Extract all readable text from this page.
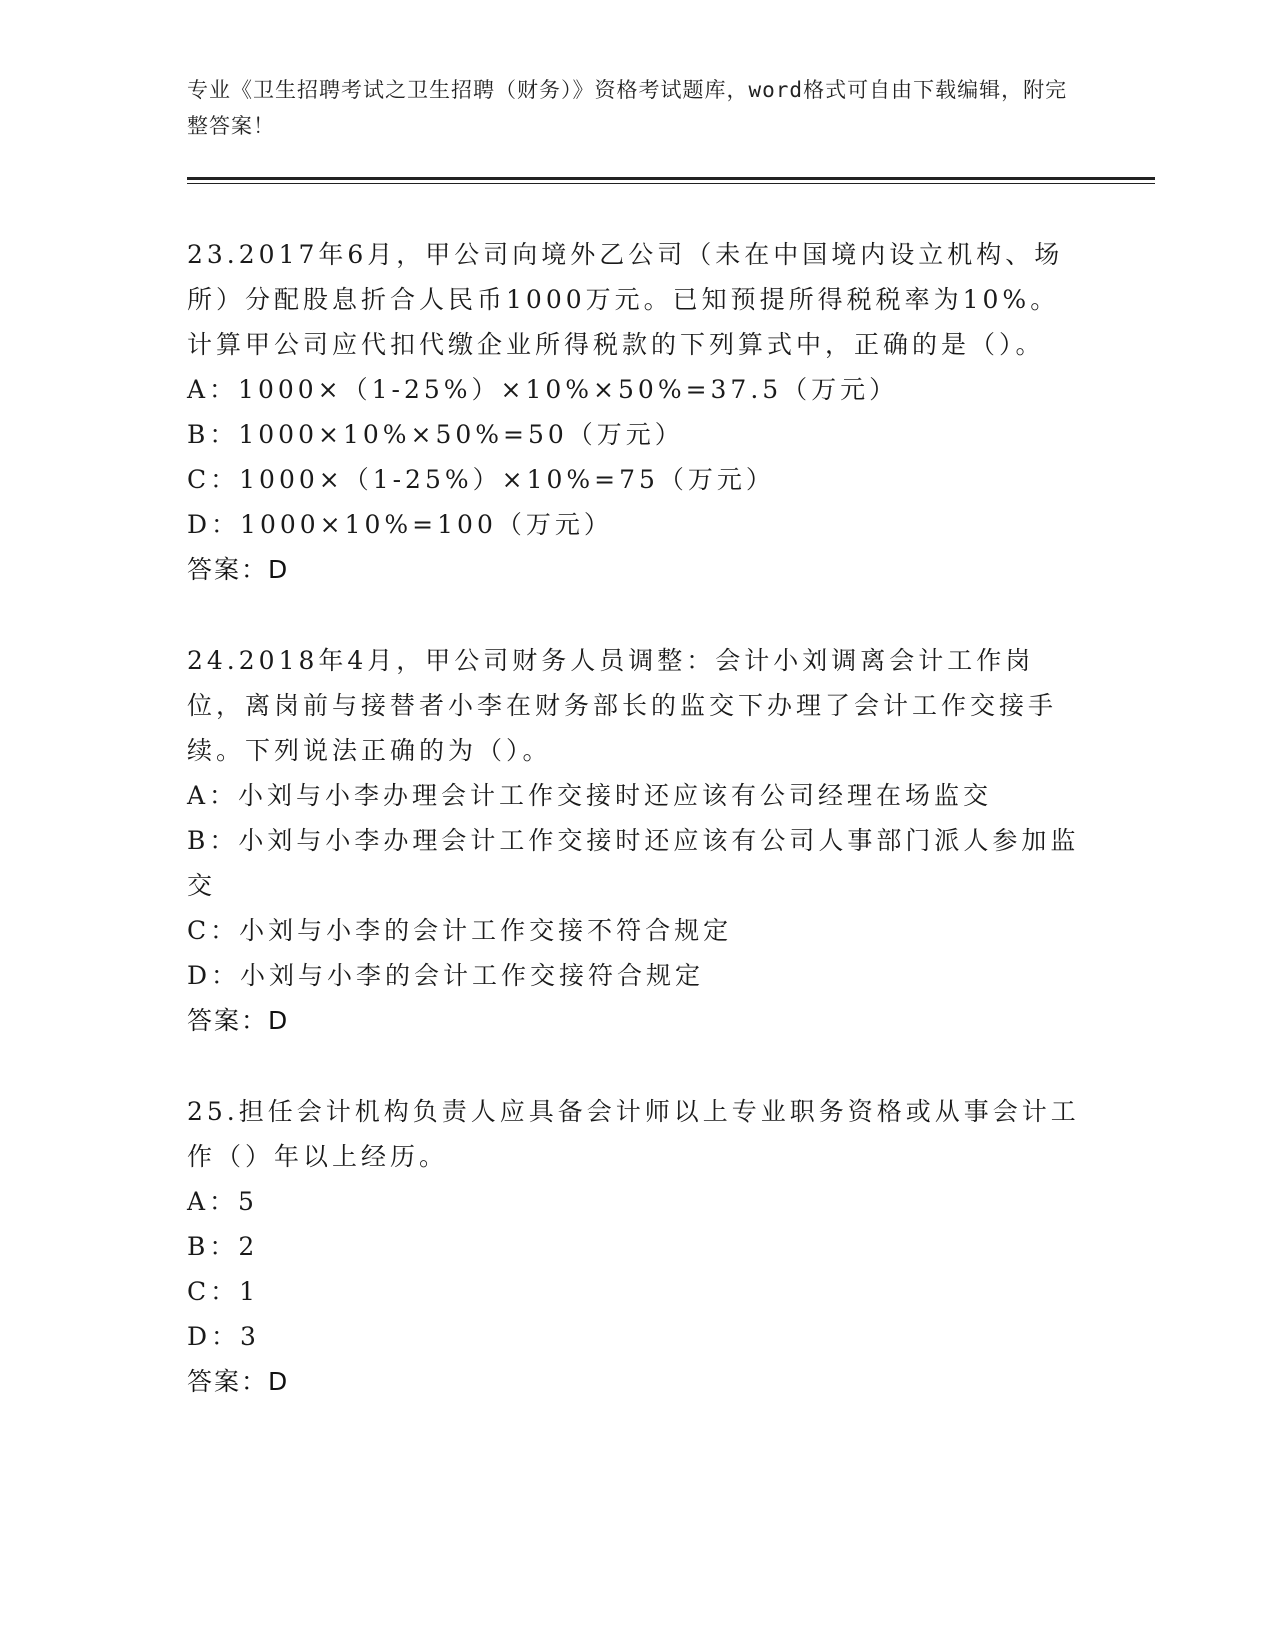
专业《卫生招聘考试之卫生招聘（财务）》资格考试题库，word格式可自由下载编辑，附完整答案！

23.2017年6月，甲公司向境外乙公司（未在中国境内设立机构、场所）分配股息折合人民币1000万元。已知预提所得税税率为10%。计算甲公司应代扣代缴企业所得税款的下列算式中，正确的是（）。

A：1000×（1-25%）×10%×50%=37.5（万元）

B：1000×10%×50%=50（万元）

C：1000×（1-25%）×10%=75（万元）

D：1000×10%=100（万元）

答案：D

24.2018年4月，甲公司财务人员调整：会计小刘调离会计工作岗位，离岗前与接替者小李在财务部长的监交下办理了会计工作交接手续。下列说法正确的为（）。

A：小刘与小李办理会计工作交接时还应该有公司经理在场监交

B：小刘与小李办理会计工作交接时还应该有公司人事部门派人参加监交

C：小刘与小李的会计工作交接不符合规定

D：小刘与小李的会计工作交接符合规定

答案：D

25.担任会计机构负责人应具备会计师以上专业职务资格或从事会计工作（）年以上经历。

A：5

B：2

C：1

D：3

答案：D
